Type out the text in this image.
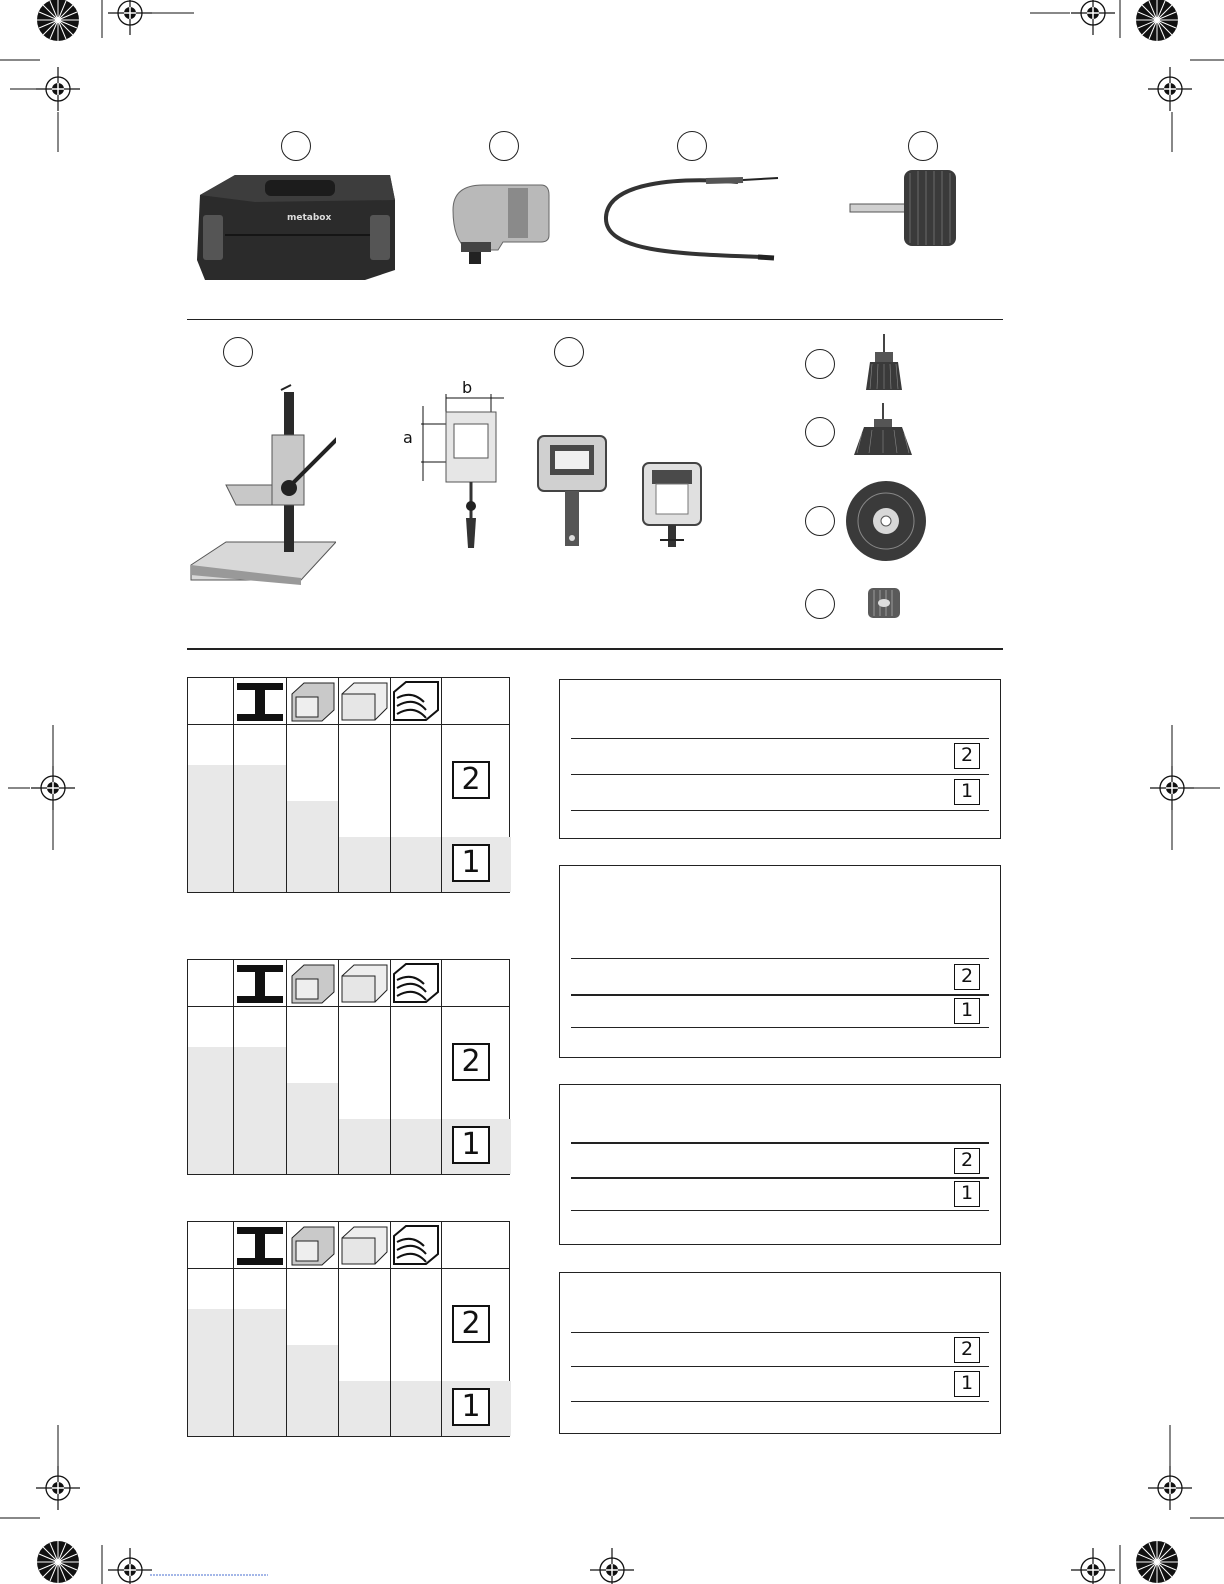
metabox
b
a
2
1
2
1
2
1
2
1
2
1
2
1
2
1
